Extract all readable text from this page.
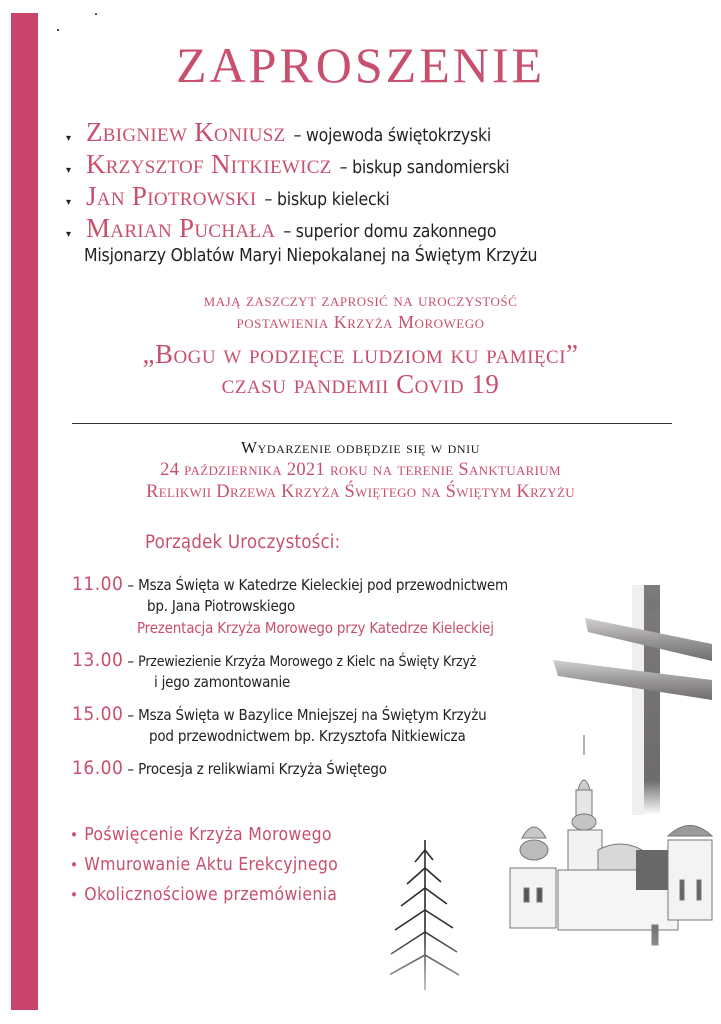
ZAPROSZENIE
▾ Zbigniew Koniusz – wojewoda świętokrzyski
▾ Krzysztof Nitkiewicz – biskup sandomierski
▾ Jan Piotrowski – biskup kielecki
▾ Marian Puchała – superior domu zakonnego
Misjonarzy Oblatów Maryi Niepokalanej na Świętym Krzyżu
mają zaszczyt zaprosić na uroczystość
postawienia Krzyża Morowego
„Bogu w podzięce ludziom ku pamięci”
czasu pandemii Covid 19
Wydarzenie odbędzie się w dniu
24 października 2021 roku na terenie Sanktuarium
Relikwii Drzewa Krzyża Świętego na Świętym Krzyżu
Porządek Uroczystości:
11.00 – Msza Święta w Katedrze Kieleckiej pod przewodnictwem
bp. Jana Piotrowskiego
Prezentacja Krzyża Morowego przy Katedrze Kieleckiej
13.00 – Przewiezienie Krzyża Morowego z Kielc na Święty Krzyż
i jego zamontowanie
15.00 – Msza Święta w Bazylice Mniejszej na Świętym Krzyżu
pod przewodnictwem bp. Krzysztofa Nitkiewicza
16.00 – Procesja z relikwiami Krzyża Świętego
• Poświęcenie Krzyża Morowego
• Wmurowanie Aktu Erekcyjnego
• Okolicznościowe przemówienia
